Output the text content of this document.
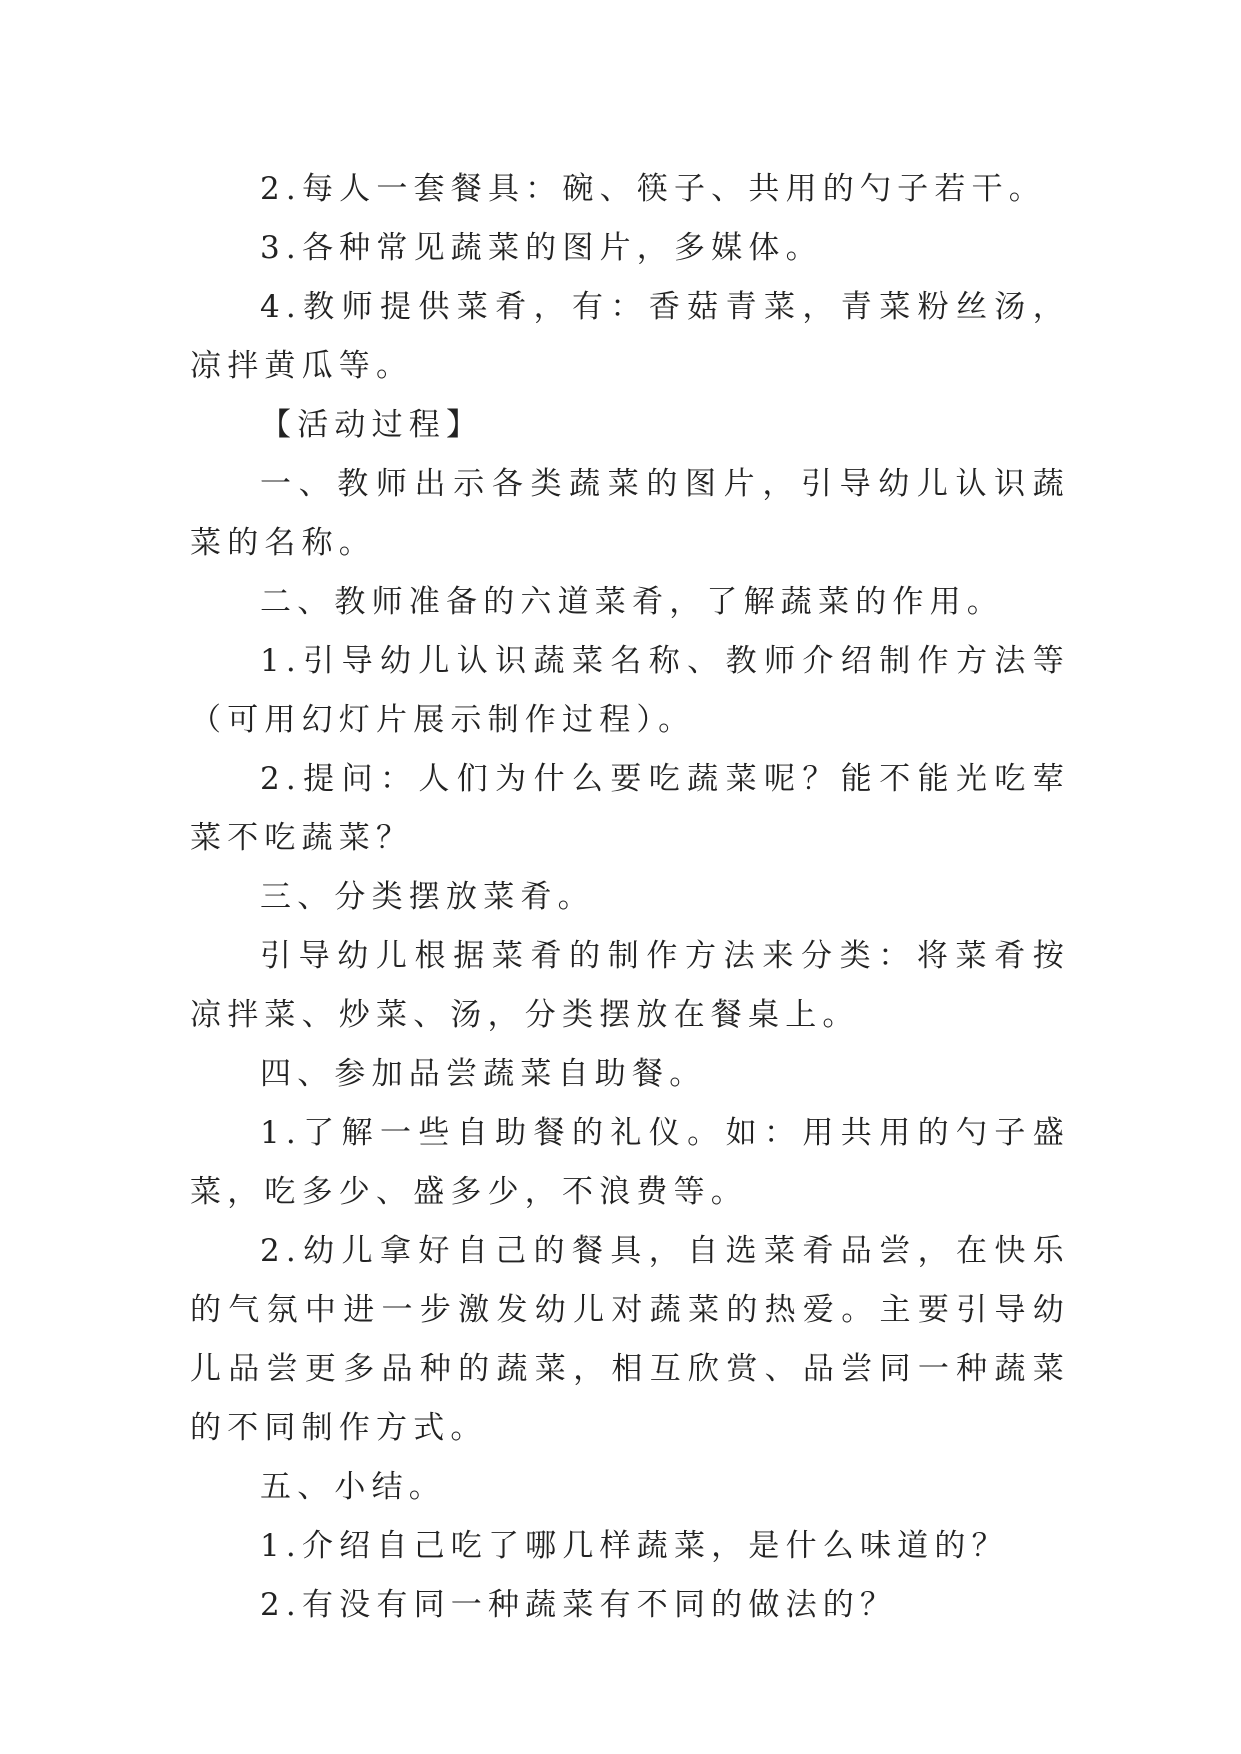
2.每人一套餐具：碗、筷子、共用的勺子若干。

3.各种常见蔬菜的图片，多媒体。

4.教师提供菜肴，有：香菇青菜，青菜粉丝汤，凉拌黄瓜等。

【活动过程】

一、教师出示各类蔬菜的图片，引导幼儿认识蔬菜的名称。

二、教师准备的六道菜肴，了解蔬菜的作用。

1.引导幼儿认识蔬菜名称、教师介绍制作方法等（可用幻灯片展示制作过程）。

2.提问：人们为什么要吃蔬菜呢？能不能光吃荤菜不吃蔬菜？

三、分类摆放菜肴。

引导幼儿根据菜肴的制作方法来分类：将菜肴按凉拌菜、炒菜、汤，分类摆放在餐桌上。

四、参加品尝蔬菜自助餐。

1.了解一些自助餐的礼仪。如：用共用的勺子盛菜，吃多少、盛多少，不浪费等。

2.幼儿拿好自己的餐具，自选菜肴品尝，在快乐的气氛中进一步激发幼儿对蔬菜的热爱。主要引导幼儿品尝更多品种的蔬菜，相互欣赏、品尝同一种蔬菜的不同制作方式。

五、小结。

1.介绍自己吃了哪几样蔬菜，是什么味道的？

2.有没有同一种蔬菜有不同的做法的？
